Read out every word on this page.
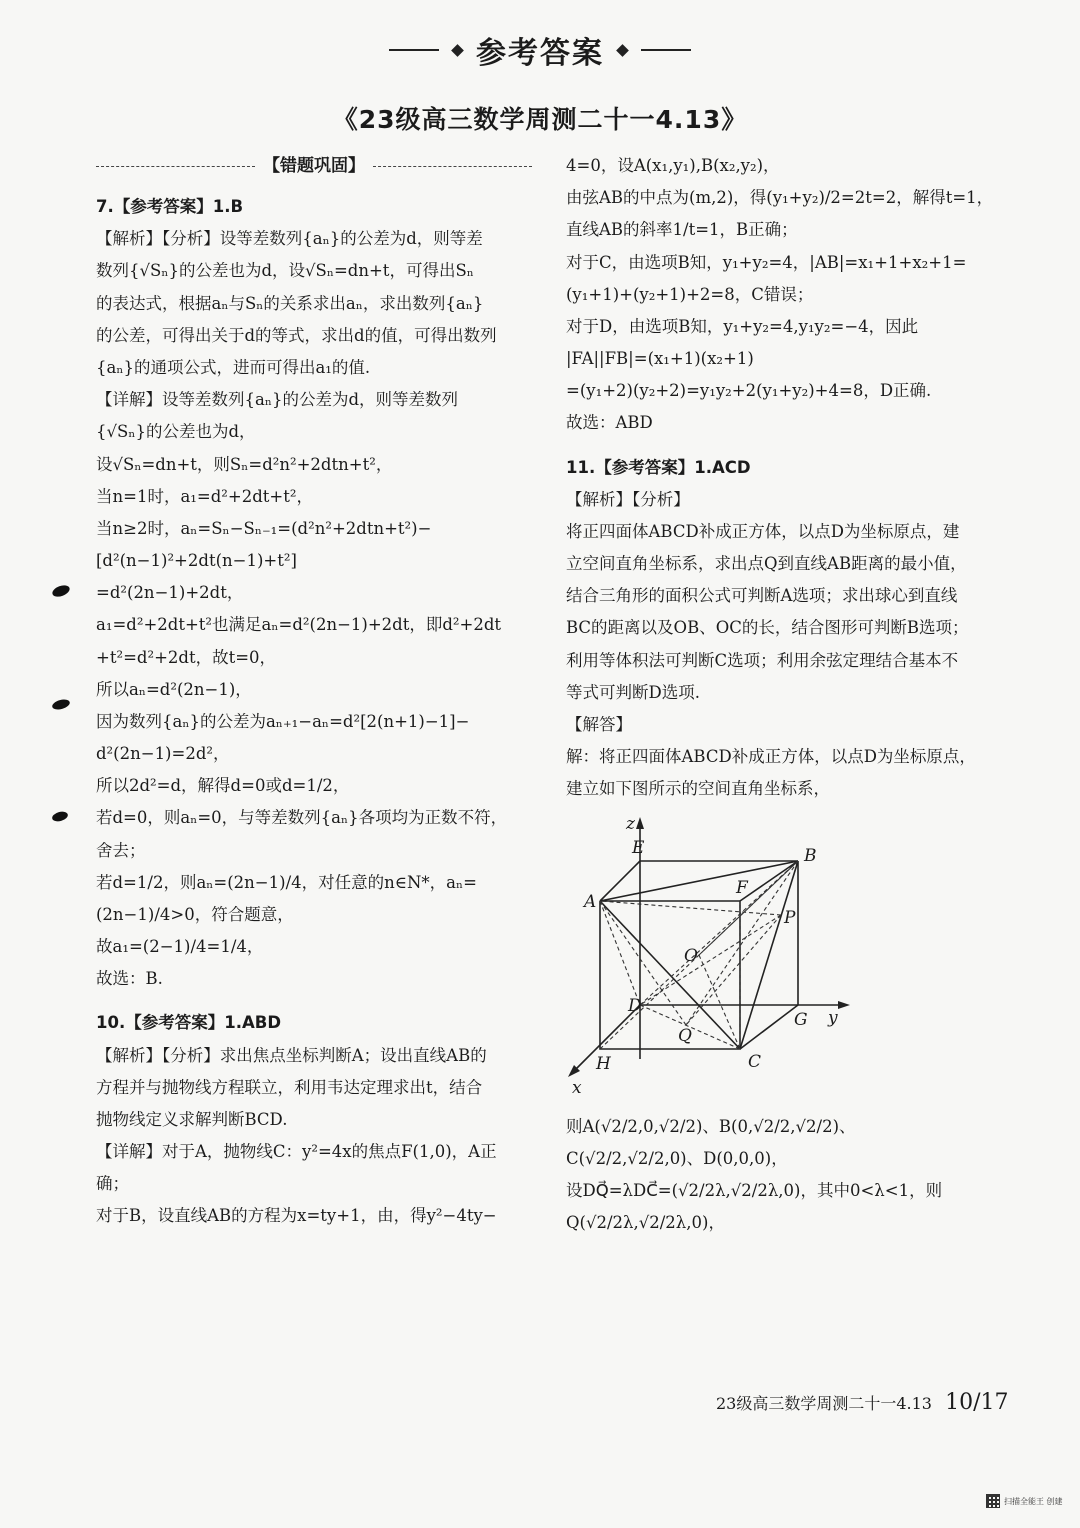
参考答案
《23级高三数学周测二十一4.13》
【错题巩固】
7.【参考答案】1.B
【解析】【分析】设等差数列{aₙ}的公差为d，则等差
数列{√Sₙ}的公差也为d，设√Sₙ=dn+t，可得出Sₙ
的表达式，根据aₙ与Sₙ的关系求出aₙ，求出数列{aₙ}
的公差，可得出关于d的等式，求出d的值，可得出数列
{aₙ}的通项公式，进而可得出a₁的值.
【详解】设等差数列{aₙ}的公差为d，则等差数列
{√Sₙ}的公差也为d，
设√Sₙ=dn+t，则Sₙ=d²n²+2dtn+t²，
当n=1时，a₁=d²+2dt+t²，
当n≥2时，aₙ=Sₙ−Sₙ₋₁=(d²n²+2dtn+t²)−
[d²(n−1)²+2dt(n−1)+t²]
=d²(2n−1)+2dt，
a₁=d²+2dt+t²也满足aₙ=d²(2n−1)+2dt，即d²+2dt
+t²=d²+2dt，故t=0，
所以aₙ=d²(2n−1)，
因为数列{aₙ}的公差为aₙ₊₁−aₙ=d²[2(n+1)−1]−
d²(2n−1)=2d²，
所以2d²=d，解得d=0或d=1/2，
若d=0，则aₙ=0，与等差数列{aₙ}各项均为正数不符，
舍去；
若d=1/2，则aₙ=(2n−1)/4，对任意的n∈N*，aₙ=
(2n−1)/4>0，符合题意，
故a₁=(2−1)/4=1/4，
故选：B.
10.【参考答案】1.ABD
【解析】【分析】求出焦点坐标判断A；设出直线AB的
方程并与抛物线方程联立，利用韦达定理求出t，结合
抛物线定义求解判断BCD.
【详解】对于A，抛物线C：y²=4x的焦点F(1,0)，A正
确；
对于B，设直线AB的方程为x=ty+1，由，得y²−4ty−
4=0，设A(x₁,y₁),B(x₂,y₂)，
由弦AB的中点为(m,2)，得(y₁+y₂)/2=2t=2，解得t=1，
直线AB的斜率1/t=1，B正确；
对于C，由选项B知，y₁+y₂=4，|AB|=x₁+1+x₂+1=
(y₁+1)+(y₂+1)+2=8，C错误；
对于D，由选项B知，y₁+y₂=4,y₁y₂=−4，因此
|FA||FB|=(x₁+1)(x₂+1)
=(y₁+2)(y₂+2)=y₁y₂+2(y₁+y₂)+4=8，D正确.
故选：ABD
11.【参考答案】1.ACD
【解析】【分析】
将正四面体ABCD补成正方体，以点D为坐标原点，建
立空间直角坐标系，求出点Q到直线AB距离的最小值，
结合三角形的面积公式可判断A选项；求出球心到直线
BC的距离以及OB、OC的长，结合图形可判断B选项；
利用等体积法可判断C选项；利用余弦定理结合基本不
等式可判断D选项.
【解答】
解：将正四面体ABCD补成正方体，以点D为坐标原点，
建立如下图所示的空间直角坐标系，
z
y
x
A
B
C
D
E
F
G
H
O
P
Q
则A(√2/2,0,√2/2)、B(0,√2/2,√2/2)、
C(√2/2,√2/2,0)、D(0,0,0)，
设DQ⃗=λDC⃗=(√2/2λ,√2/2λ,0)，其中0<λ<1，则
Q(√2/2λ,√2/2λ,0)，
23级高三数学周测二十一4.13 10/17
扫描全能王 创建
